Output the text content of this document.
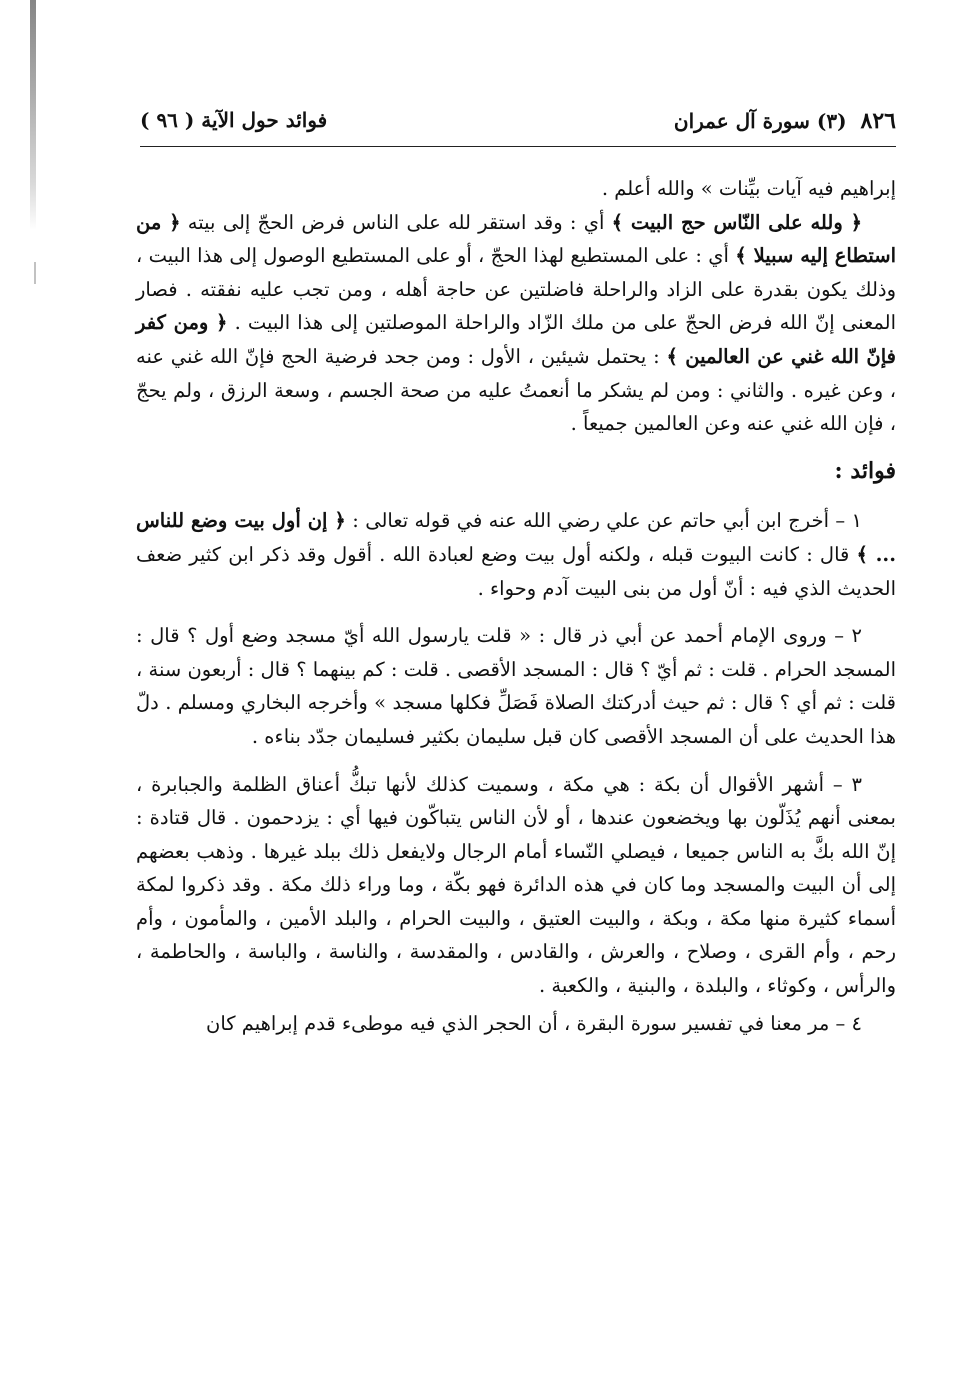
٨٢٦(٣) سورة آل عمران
فوائد حول الآية ( ٩٦ )

إبراهيم فيه آيات بيِّنات » والله أعلم .

﴿ ولله على النّاس حج البيت ﴾ أي : وقد استقر لله على الناس فرض الحجّ إلى بيته ﴿ من استطاع إليه سبيلا ﴾ أي : على المستطيع لهذا الحجّ ، أو على المستطيع الوصول إلى هذا البيت ، وذلك يكون بقدرة على الزاد والراحلة فاضلتين عن حاجة أهله ، ومن تجب عليه نفقته . فصار المعنى إنّ الله فرض الحجّ على من ملك الزّاد والراحلة الموصلتين إلى هذا البيت . ﴿ ومن كفر فإنّ الله غني عن العالمين ﴾ : يحتمل شيئين ، الأول : ومن جحد فرضية الحج فإنّ الله غني عنه ، وعن غيره . والثاني : ومن لم يشكر ما أنعمتُ عليه من صحة الجسم ، وسعة الرزق ، ولم يحجّ ، فإن الله غني عنه وعن العالمين جميعاً .

فوائد :

١ – أخرج ابن أبي حاتم عن علي رضي الله عنه في قوله تعالى : ﴿ إن أول بيت وضع للناس ... ﴾ قال : كانت البيوت قبله ، ولكنه أول بيت وضع لعبادة الله . أقول وقد ذكر ابن كثير ضعف الحديث الذي فيه : أنّ أول من بنى البيت آدم وحواء .

٢ – وروى الإمام أحمد عن أبي ذر قال : « قلت يارسول الله أيّ مسجد وضع أول ؟ قال : المسجد الحرام . قلت : ثم أيّ ؟ قال : المسجد الأقصى . قلت : كم بينهما ؟ قال : أربعون سنة ، قلت : ثم أي ؟ قال : ثم حيث أدركتك الصلاة فَصَلِّ فكلها مسجد » وأخرجه البخاري ومسلم . دلّ هذا الحديث على أن المسجد الأقصى كان قبل سليمان بكثير فسليمان جدّد بناءه .

٣ – أشهر الأقوال أن بكة : هي مكة ، وسميت كذلك لأنها تبكُّ أعناق الظلمة والجبابرة ، بمعنى أنهم يُذَلّون بها ويخضعون عندها ، أو لأن الناس يتباكّون فيها أي : يزدحمون . قال قتادة : إنّ الله بكَّ به الناس جميعا ، فيصلي النّساء أمام الرجال ولايفعل ذلك ببلد غيرها . وذهب بعضهم إلى أن البيت والمسجد وما كان في هذه الدائرة فهو بكّة ، وما وراء ذلك مكة . وقد ذكروا لمكة أسماء كثيرة منها مكة ، وبكة ، والبيت العتيق ، والبيت الحرام ، والبلد الأمين ، والمأمون ، وأم رحم ، وأم القرى ، وصلاح ، والعرش ، والقادس ، والمقدسة ، والناسة ، والباسة ، والحاطمة ، والرأس ، وكوثاء ، والبلدة ، والبنية ، والكعبة .

٤ – مر معنا في تفسير سورة البقرة ، أن الحجر الذي فيه موطىء قدم إبراهيم كان
